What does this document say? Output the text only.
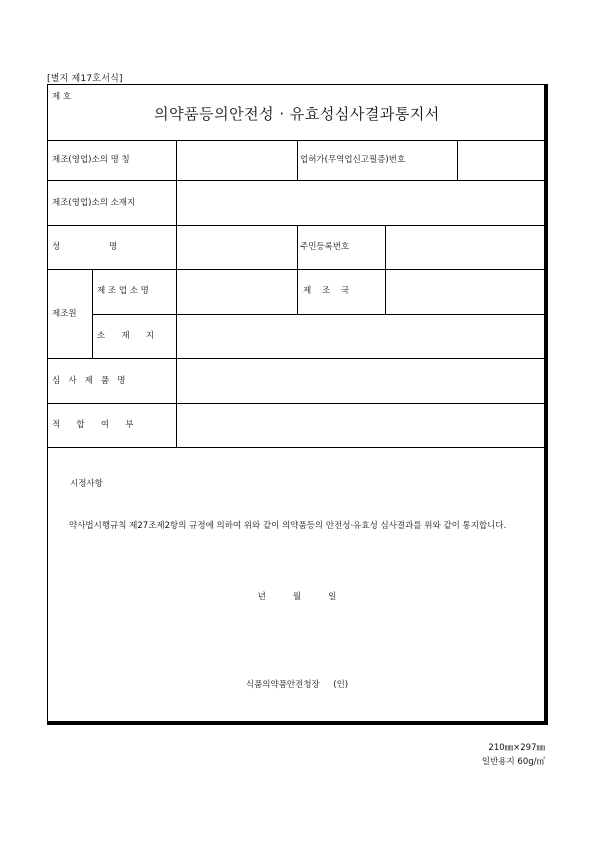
[별지 제17호서식]
제 호
의약품등의안전성 · 유효성심사결과통지서
제조(영업)소의 명 칭	업허가(무역업신고필증)번호
제조(영업)소의 소재지
성                  명	주민등록번호
제조원
제 조 업 소 명	제    조    국
소      재      지
심   사   제   품   명
적      합      여      부
시정사항
약사법시행규칙 제27조제2항의 규정에 의하여 위와 같이 의약품등의 안전성·유효성 심사결과를 위와 같이 통지합니다.
년          월          일
식품의약품안전청장     (인)
210㎜×297㎜
일반용지 60g/㎡
